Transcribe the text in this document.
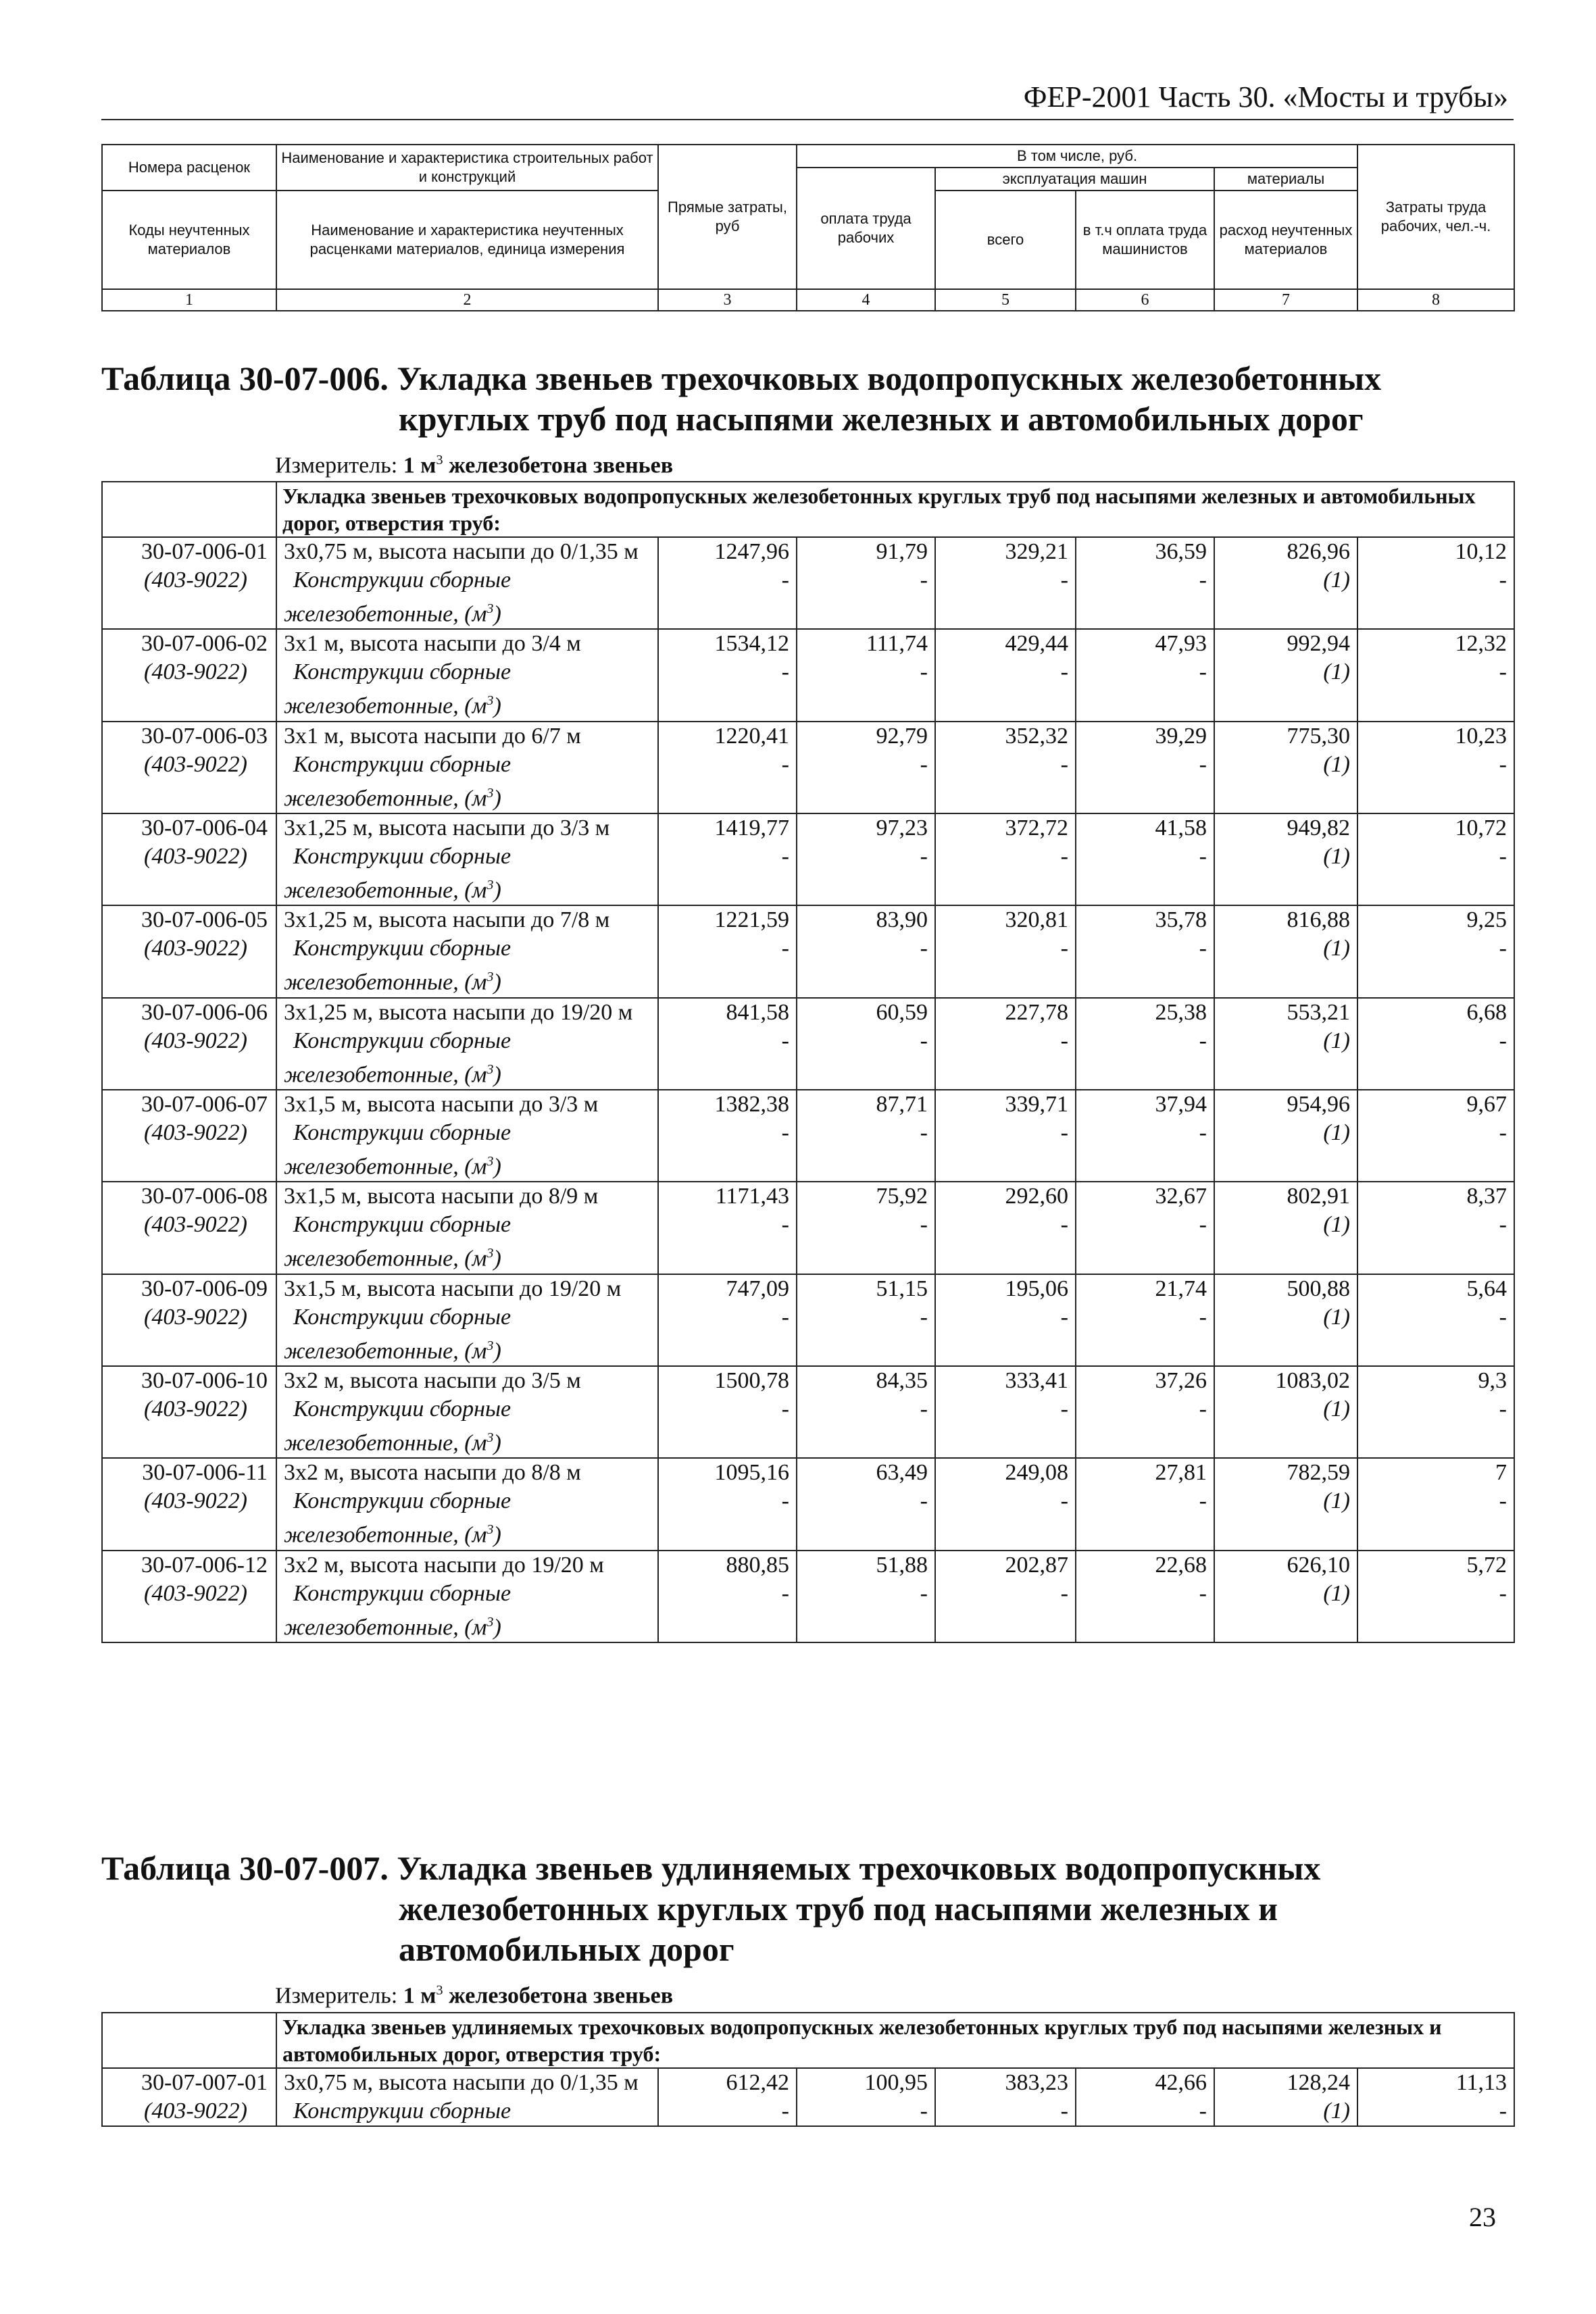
ФЕР-2001 Часть 30. «Мосты и трубы»
Номера расценок	Наименование и характеристика строительных работ и конструкций	Прямые затраты, руб	В том числе, руб.				Затраты труда рабочих, чел.-ч.
			оплата труда рабочих	эксплуатация машин		материалы	
Коды неучтенных материалов	Наименование и характеристика неучтенных расценками материалов, единица измерения			всего	в т.ч оплата труда машинистов	расход неучтенных материалов	

1	2	3	4	5	6	7	8
Таблица 30-07-006. Укладка звеньев трехочковых водопропускных железобетонных
круглых труб под насыпями железных и автомобильных дорог
Измеритель: 1 $м^3$ железобетона звеньев
	Укладка звеньев трехочковых водопропускных железобетонных круглых труб под насыпями железных и автомобильных дорог, отверстия труб:						
30-07-006-01	3х0,75 м, высота насыпи до 0/1,35 м	1247,96	91,79	329,21	36,59	826,96	10,12
(403-9022)	Конструкции сборные
железобетонные, $(м^3)$	-	-	-	-	(1)	-
30-07-006-02	3х1 м, высота насыпи до 3/4 м	1534,12	111,74	429,44	47,93	992,94	12,32
(403-9022)	Конструкции сборные
железобетонные, $(м^3)$	-	-	-	-	(1)	-
30-07-006-03	3х1 м, высота насыпи до 6/7 м	1220,41	92,79	352,32	39,29	775,30	10,23
(403-9022)	Конструкции сборные
железобетонные, $(м^3)$	-	-	-	-	(1)	-
30-07-006-04	3х1,25 м, высота насыпи до 3/3 м	1419,77	97,23	372,72	41,58	949,82	10,72
(403-9022)	Конструкции сборные
железобетонные, $(м^3)$	-	-	-	-	(1)	-
30-07-006-05	3х1,25 м, высота насыпи до 7/8 м	1221,59	83,90	320,81	35,78	816,88	9,25
(403-9022)	Конструкции сборные
железобетонные, $(м^3)$	-	-	-	-	(1)	-
30-07-006-06	3х1,25 м, высота насыпи до 19/20 м	841,58	60,59	227,78	25,38	553,21	6,68
(403-9022)	Конструкции сборные
железобетонные, $(м^3)$	-	-	-	-	(1)	-
30-07-006-07	3х1,5 м, высота насыпи до 3/3 м	1382,38	87,71	339,71	37,94	954,96	9,67
(403-9022)	Конструкции сборные
железобетонные, $(м^3)$	-	-	-	-	(1)	-
30-07-006-08	3х1,5 м, высота насыпи до 8/9 м	1171,43	75,92	292,60	32,67	802,91	8,37
(403-9022)	Конструкции сборные
железобетонные, $(м^3)$	-	-	-	-	(1)	-
30-07-006-09	3х1,5 м, высота насыпи до 19/20 м	747,09	51,15	195,06	21,74	500,88	5,64
(403-9022)	Конструкции сборные
железобетонные, $(м^3)$	-	-	-	-	(1)	-
30-07-006-10	3х2 м, высота насыпи до 3/5 м	1500,78	84,35	333,41	37,26	1083,02	9,3
(403-9022)	Конструкции сборные
железобетонные, $(м^3)$	-	-	-	-	(1)	-
30-07-006-11	3х2 м, высота насыпи до 8/8 м	1095,16	63,49	249,08	27,81	782,59	7
(403-9022)	Конструкции сборные
железобетонные, $(м^3)$	-	-	-	-	(1)	-
30-07-006-12	3х2 м, высота насыпи до 19/20 м	880,85	51,88	202,87	22,68	626,10	5,72
(403-9022)	Конструкции сборные
железобетонные, $(м^3)$	-	-	-	-	(1)	-
Таблица 30-07-007. Укладка звеньев удлиняемых трехочковых водопропускных
железобетонных круглых труб под насыпями железных и
автомобильных дорог
Измеритель: 1 $м^3$ железобетона звеньев
	Укладка звеньев удлиняемых трехочковых водопропускных железобетонных круглых труб под насыпями железных и автомобильных дорог, отверстия труб:						
30-07-007-01	3х0,75 м, высота насыпи до 0/1,35 м	612,42	100,95	383,23	42,66	128,24	11,13
(403-9022)	Конструкции сборные	-	-	-	-	(1)	-
23
